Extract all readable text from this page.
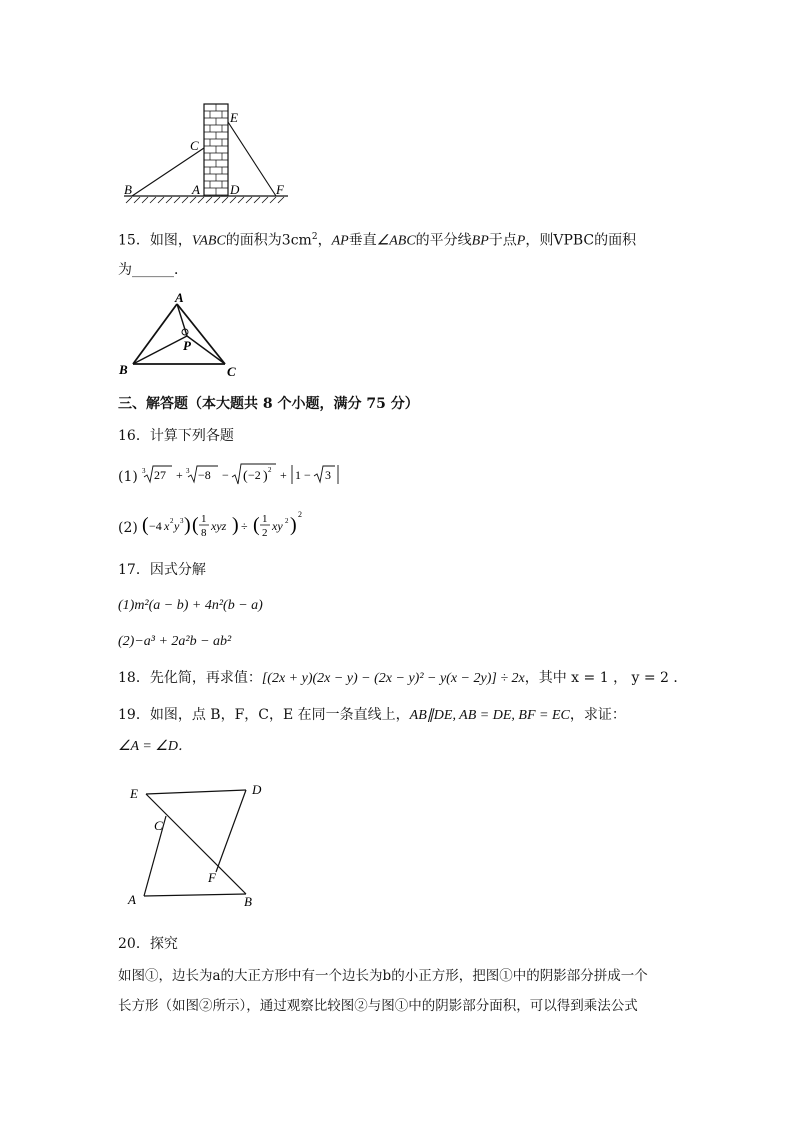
E
C
B	A D	F
15．如图，VABC的面积为$3cm^2$，AP垂直∠ABC的平分线BP于点P，则VPBC的面积
为______．
A
P
B	C
三、解答题（本大题共 8 个小题，满分 75 分）
16．计算下列各题
(1) 3 27 + 3 −8 − ( −2 ) 2 + 1 − 3
(2) ( −4 x 2 y 3 ) ( 1
8 xyz ) ÷ ( 1
2 xy 2 ) 2
17．因式分解
(1)m²(a − b) + 4n²(b − a)
(2)−a³ + 2a²b − ab²
18．先化简，再求值：[(2x + y)(2x − y) − (2x − y)² − y(x − 2y)] ÷ 2x，其中 x = 1 ， y = 2 ．
19．如图，点 B，F，C，E 在同一条直线上，AB∥DE, AB = DE, BF = EC，求证：
∠A = ∠D．
E	D
C
F
A	B
20．探究
如图①，边长为a的大正方形中有一个边长为b的小正方形，把图①中的阴影部分拼成一个
长方形（如图②所示），通过观察比较图②与图①中的阴影部分面积，可以得到乘法公式
